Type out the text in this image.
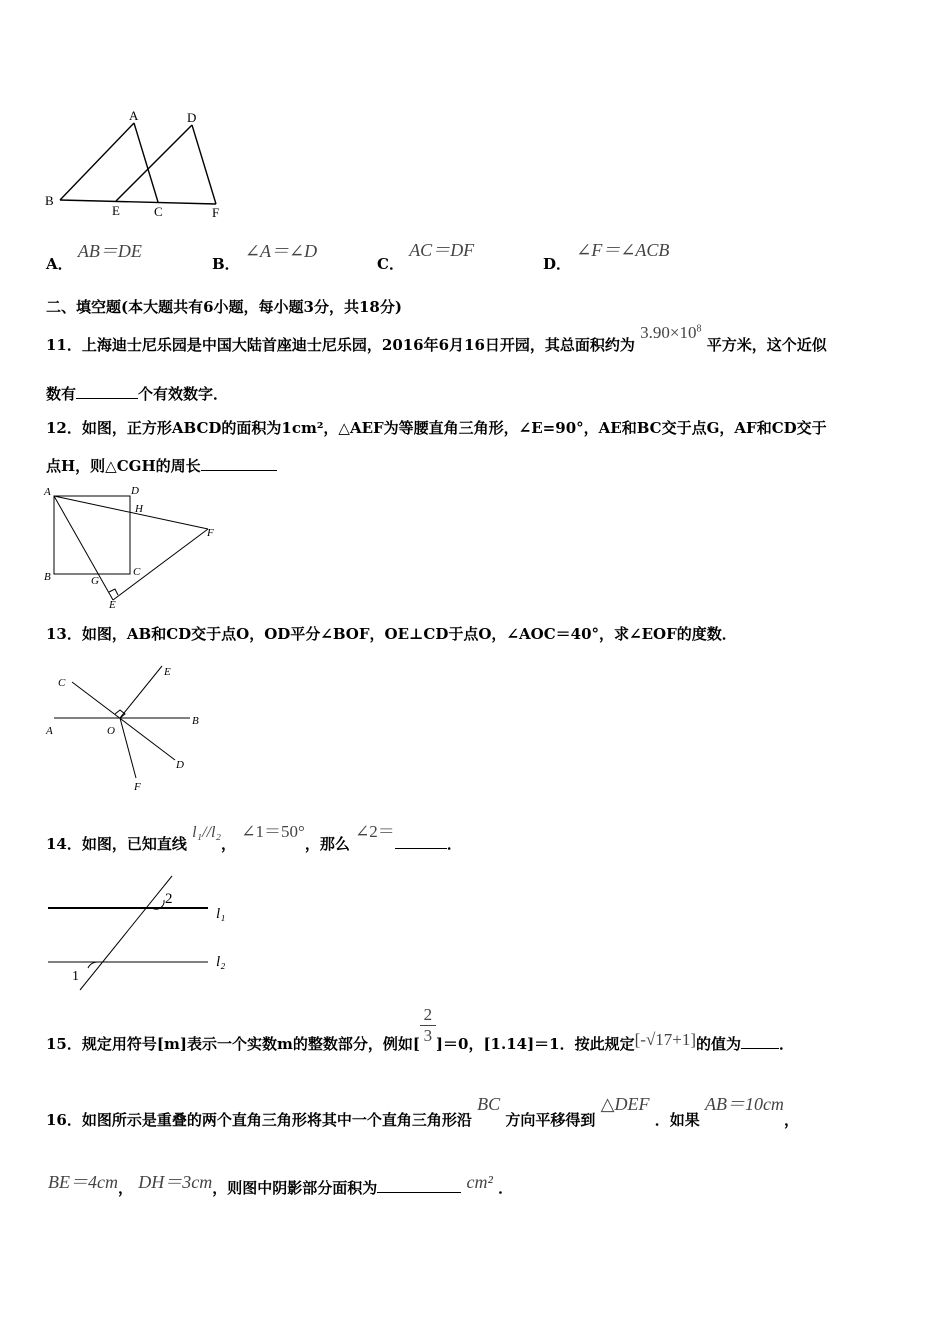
A	D
B
E	C	F
A． AB＝DE
B． ∠A＝∠D
C． AC＝DF
D． ∠F＝∠ACB
二、填空题(本大题共有6小题，每小题3分，共18分)
11．上海迪士尼乐园是中国大陆首座迪士尼乐园，2016年6月16日开园，其总面积约为 $3.90\times 10^8$ 平方米，这个近似
数有	个有效数字．
12．如图，正方形ABCD的面积为1cm²，△AEF为等腰直角三角形，∠E=90°，AE和BC交于点G，AF和CD交于
点H，则△CGH的周长
A	D
H
F
B	G
C
E
13．如图，AB和CD交于点O，OD平分∠BOF，OE⊥CD于点O，∠AOC＝40°，求∠EOF的度数．
C
E
A	O
B
D
F
14．如图，已知直线 l₁//l₂， ∠1＝50°，那么 ∠2＝．
2
1
l₁
l₂
15．规定用符号[m]表示一个实数m的整数部分，例如[ $\frac{2}{3} ]=0$，[1.14]＝1．按此规定[-√17+1]的值为	．
16．如图所示是重叠的两个直角三角形将其中一个直角三角形沿 BC 方向平移得到 △DEF ．如果 AB＝10cm，
BE＝4cm， DH＝3cm，则图中阴影部分面积为	cm² ．
